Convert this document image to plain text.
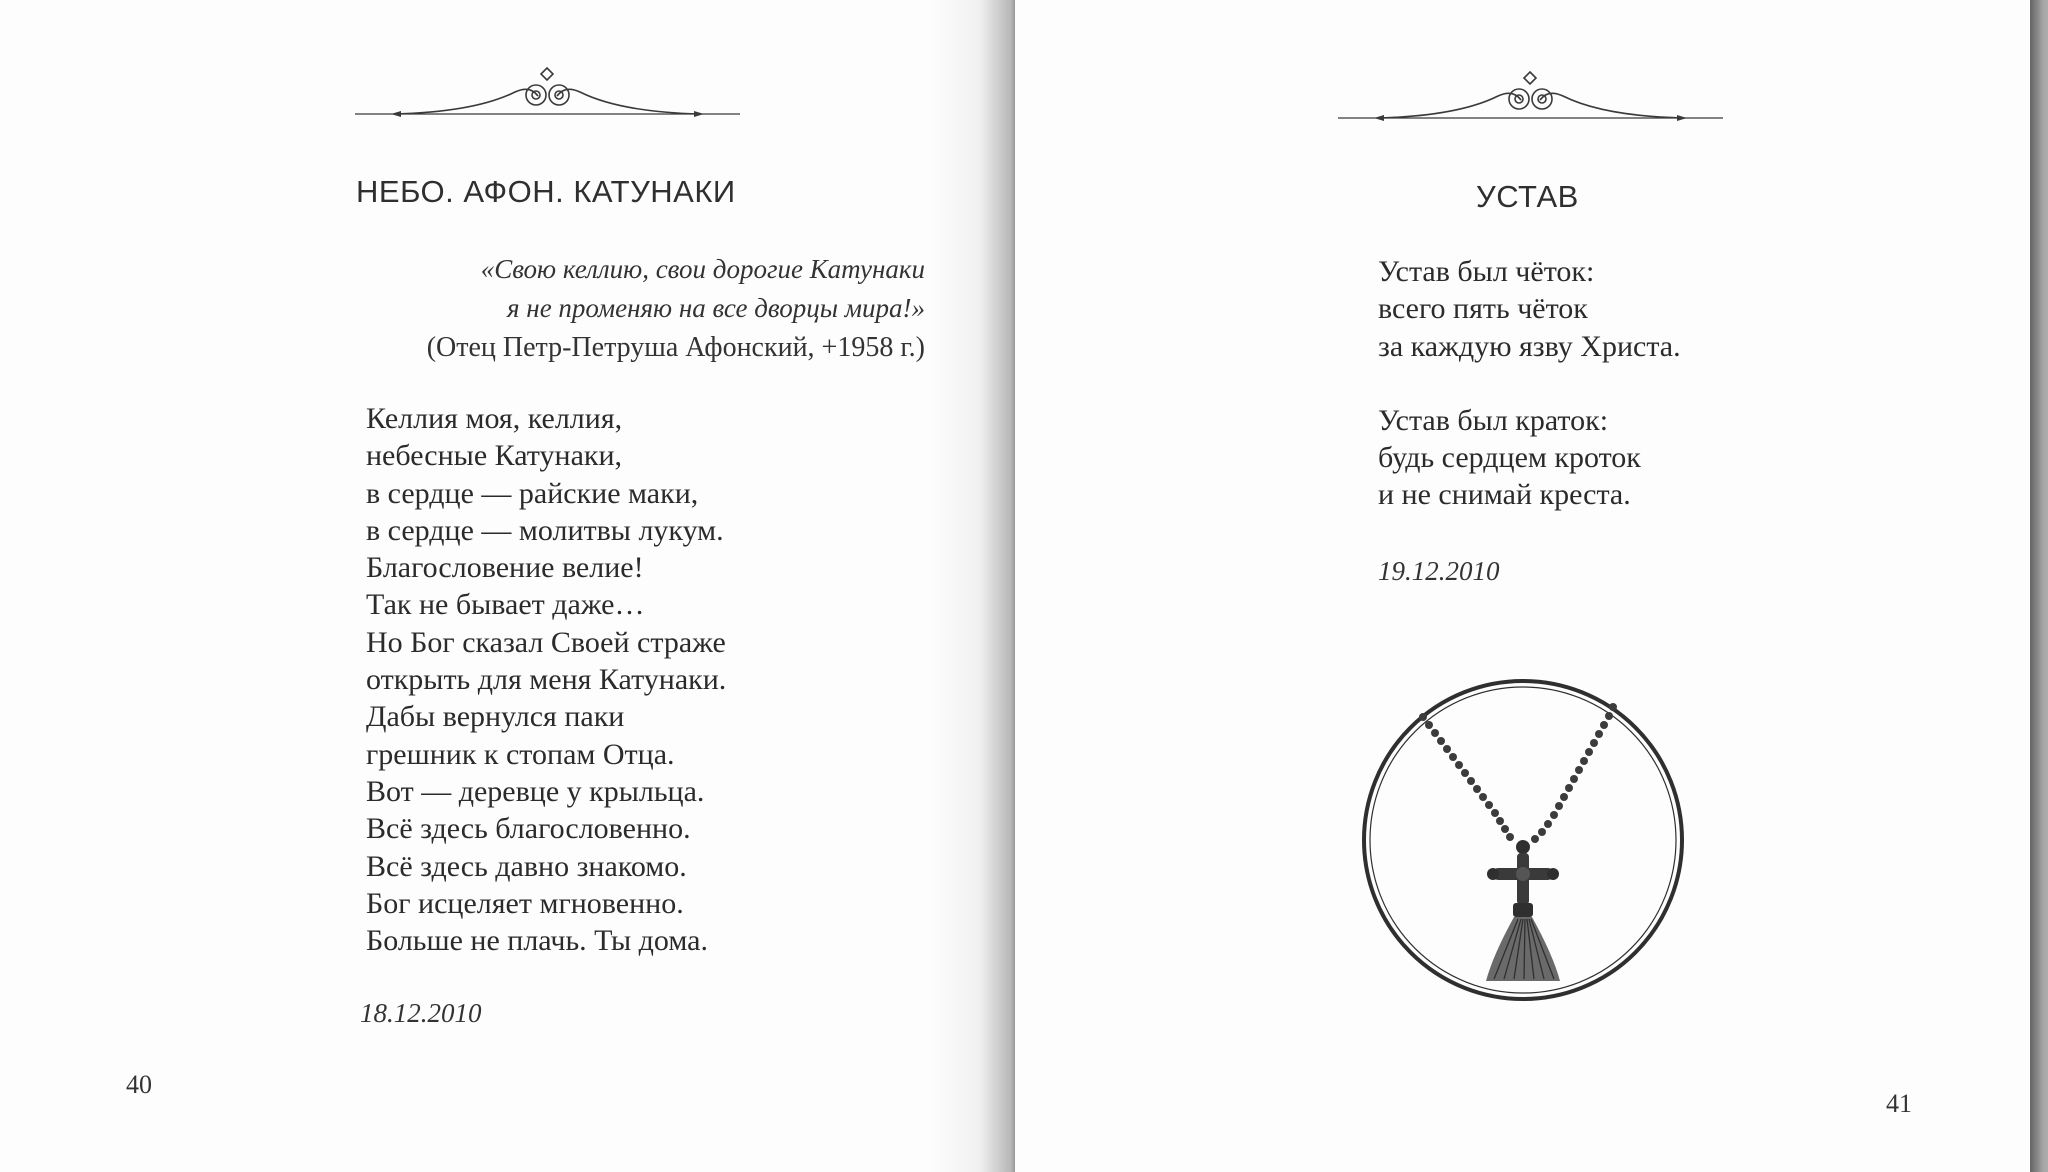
НЕБО. АФОН. КАТУНАКИ
«Свою келлию, свои дорогие Катунаки
я не променяю на все дворцы мира!»
(Отец Петр-Петруша Афонский, +1958 г.)
Келлия моя, келлия,
небесные Катунаки,
в сердце — райские маки,
в сердце — молитвы лукум.
Благословение велие!
Так не бывает даже…
Но Бог сказал Своей страже
открыть для меня Катунаки.
Дабы вернулся паки
грешник к стопам Отца.
Вот — деревце у крыльца.
Всё здесь благословенно.
Всё здесь давно знакомо.
Бог исцеляет мгновенно.
Больше не плачь. Ты дома.
18.12.2010
40
УСТАВ
Устав был чёток:
всего пять чёток
за каждую язву Христа.
Устав был краток:
будь сердцем кроток
и не снимай креста.
19.12.2010
41
